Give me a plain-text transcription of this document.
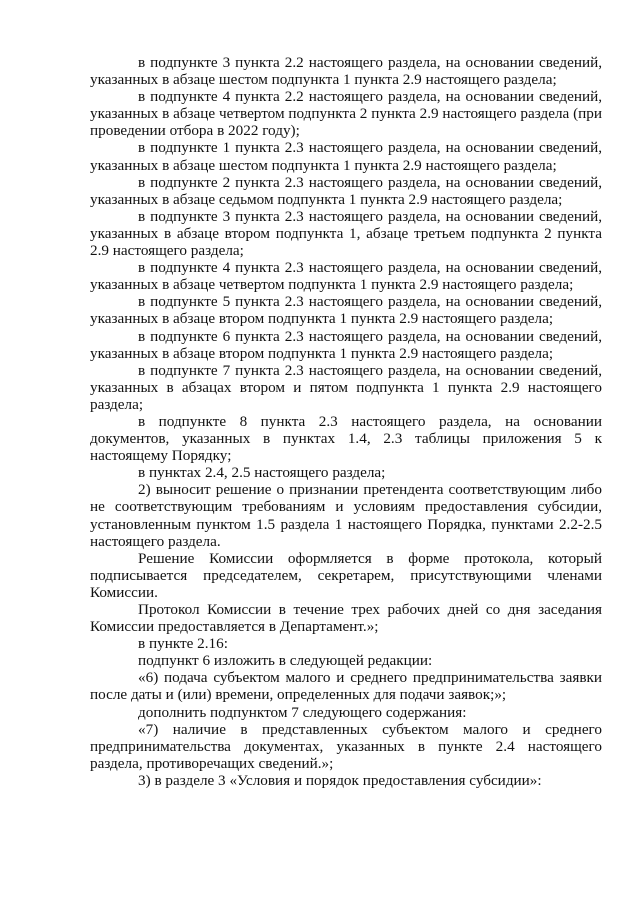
в подпункте 3 пункта 2.2 настоящего раздела, на основании сведений, указанных в абзаце шестом подпункта 1 пункта 2.9 настоящего раздела;

в подпункте 4 пункта 2.2 настоящего раздела, на основании сведений, указанных в абзаце четвертом подпункта 2 пункта 2.9 настоящего раздела (при проведении отбора в 2022 году);

в подпункте 1 пункта 2.3 настоящего раздела, на основании сведений, указанных в абзаце шестом подпункта 1 пункта 2.9 настоящего раздела;

в подпункте 2 пункта 2.3 настоящего раздела, на основании сведений, указанных в абзаце седьмом подпункта 1 пункта 2.9 настоящего раздела;

в подпункте 3 пункта 2.3 настоящего раздела, на основании сведений, указанных в абзаце втором подпункта 1, абзаце третьем подпункта 2 пункта 2.9 настоящего раздела;

в подпункте 4 пункта 2.3 настоящего раздела, на основании сведений, указанных в абзаце четвертом подпункта 1 пункта 2.9 настоящего раздела;

в подпункте 5 пункта 2.3 настоящего раздела, на основании сведений, указанных в абзаце втором подпункта 1 пункта 2.9 настоящего раздела;

в подпункте 6 пункта 2.3 настоящего раздела, на основании сведений, указанных в абзаце втором подпункта 1 пункта 2.9 настоящего раздела;

в подпункте 7 пункта 2.3 настоящего раздела, на основании сведений, указанных в абзацах втором и пятом подпункта 1 пункта 2.9 настоящего раздела;

в подпункте 8 пункта 2.3 настоящего раздела, на основании документов, указанных в пунктах 1.4, 2.3 таблицы приложения 5 к настоящему Порядку;

в пунктах 2.4, 2.5 настоящего раздела;

2) выносит решение о признании претендента соответствующим либо не соответствующим требованиям и условиям предоставления субсидии, установленным пунктом 1.5 раздела 1 настоящего Порядка, пунктами 2.2-2.5 настоящего раздела.

Решение Комиссии оформляется в форме протокола, который подписывается председателем, секретарем, присутствующими членами Комиссии.

Протокол Комиссии в течение трех рабочих дней со дня заседания Комиссии предоставляется в Департамент.»;

в пункте 2.16:

подпункт 6 изложить в следующей редакции:

«6) подача субъектом малого и среднего предпринимательства заявки после даты и (или) времени, определенных для подачи заявок;»;

дополнить подпунктом 7 следующего содержания:

«7) наличие в представленных субъектом малого и среднего предпринимательства документах, указанных в пункте 2.4 настоящего раздела, противоречащих сведений.»;

3) в разделе 3 «Условия и порядок предоставления субсидии»:
